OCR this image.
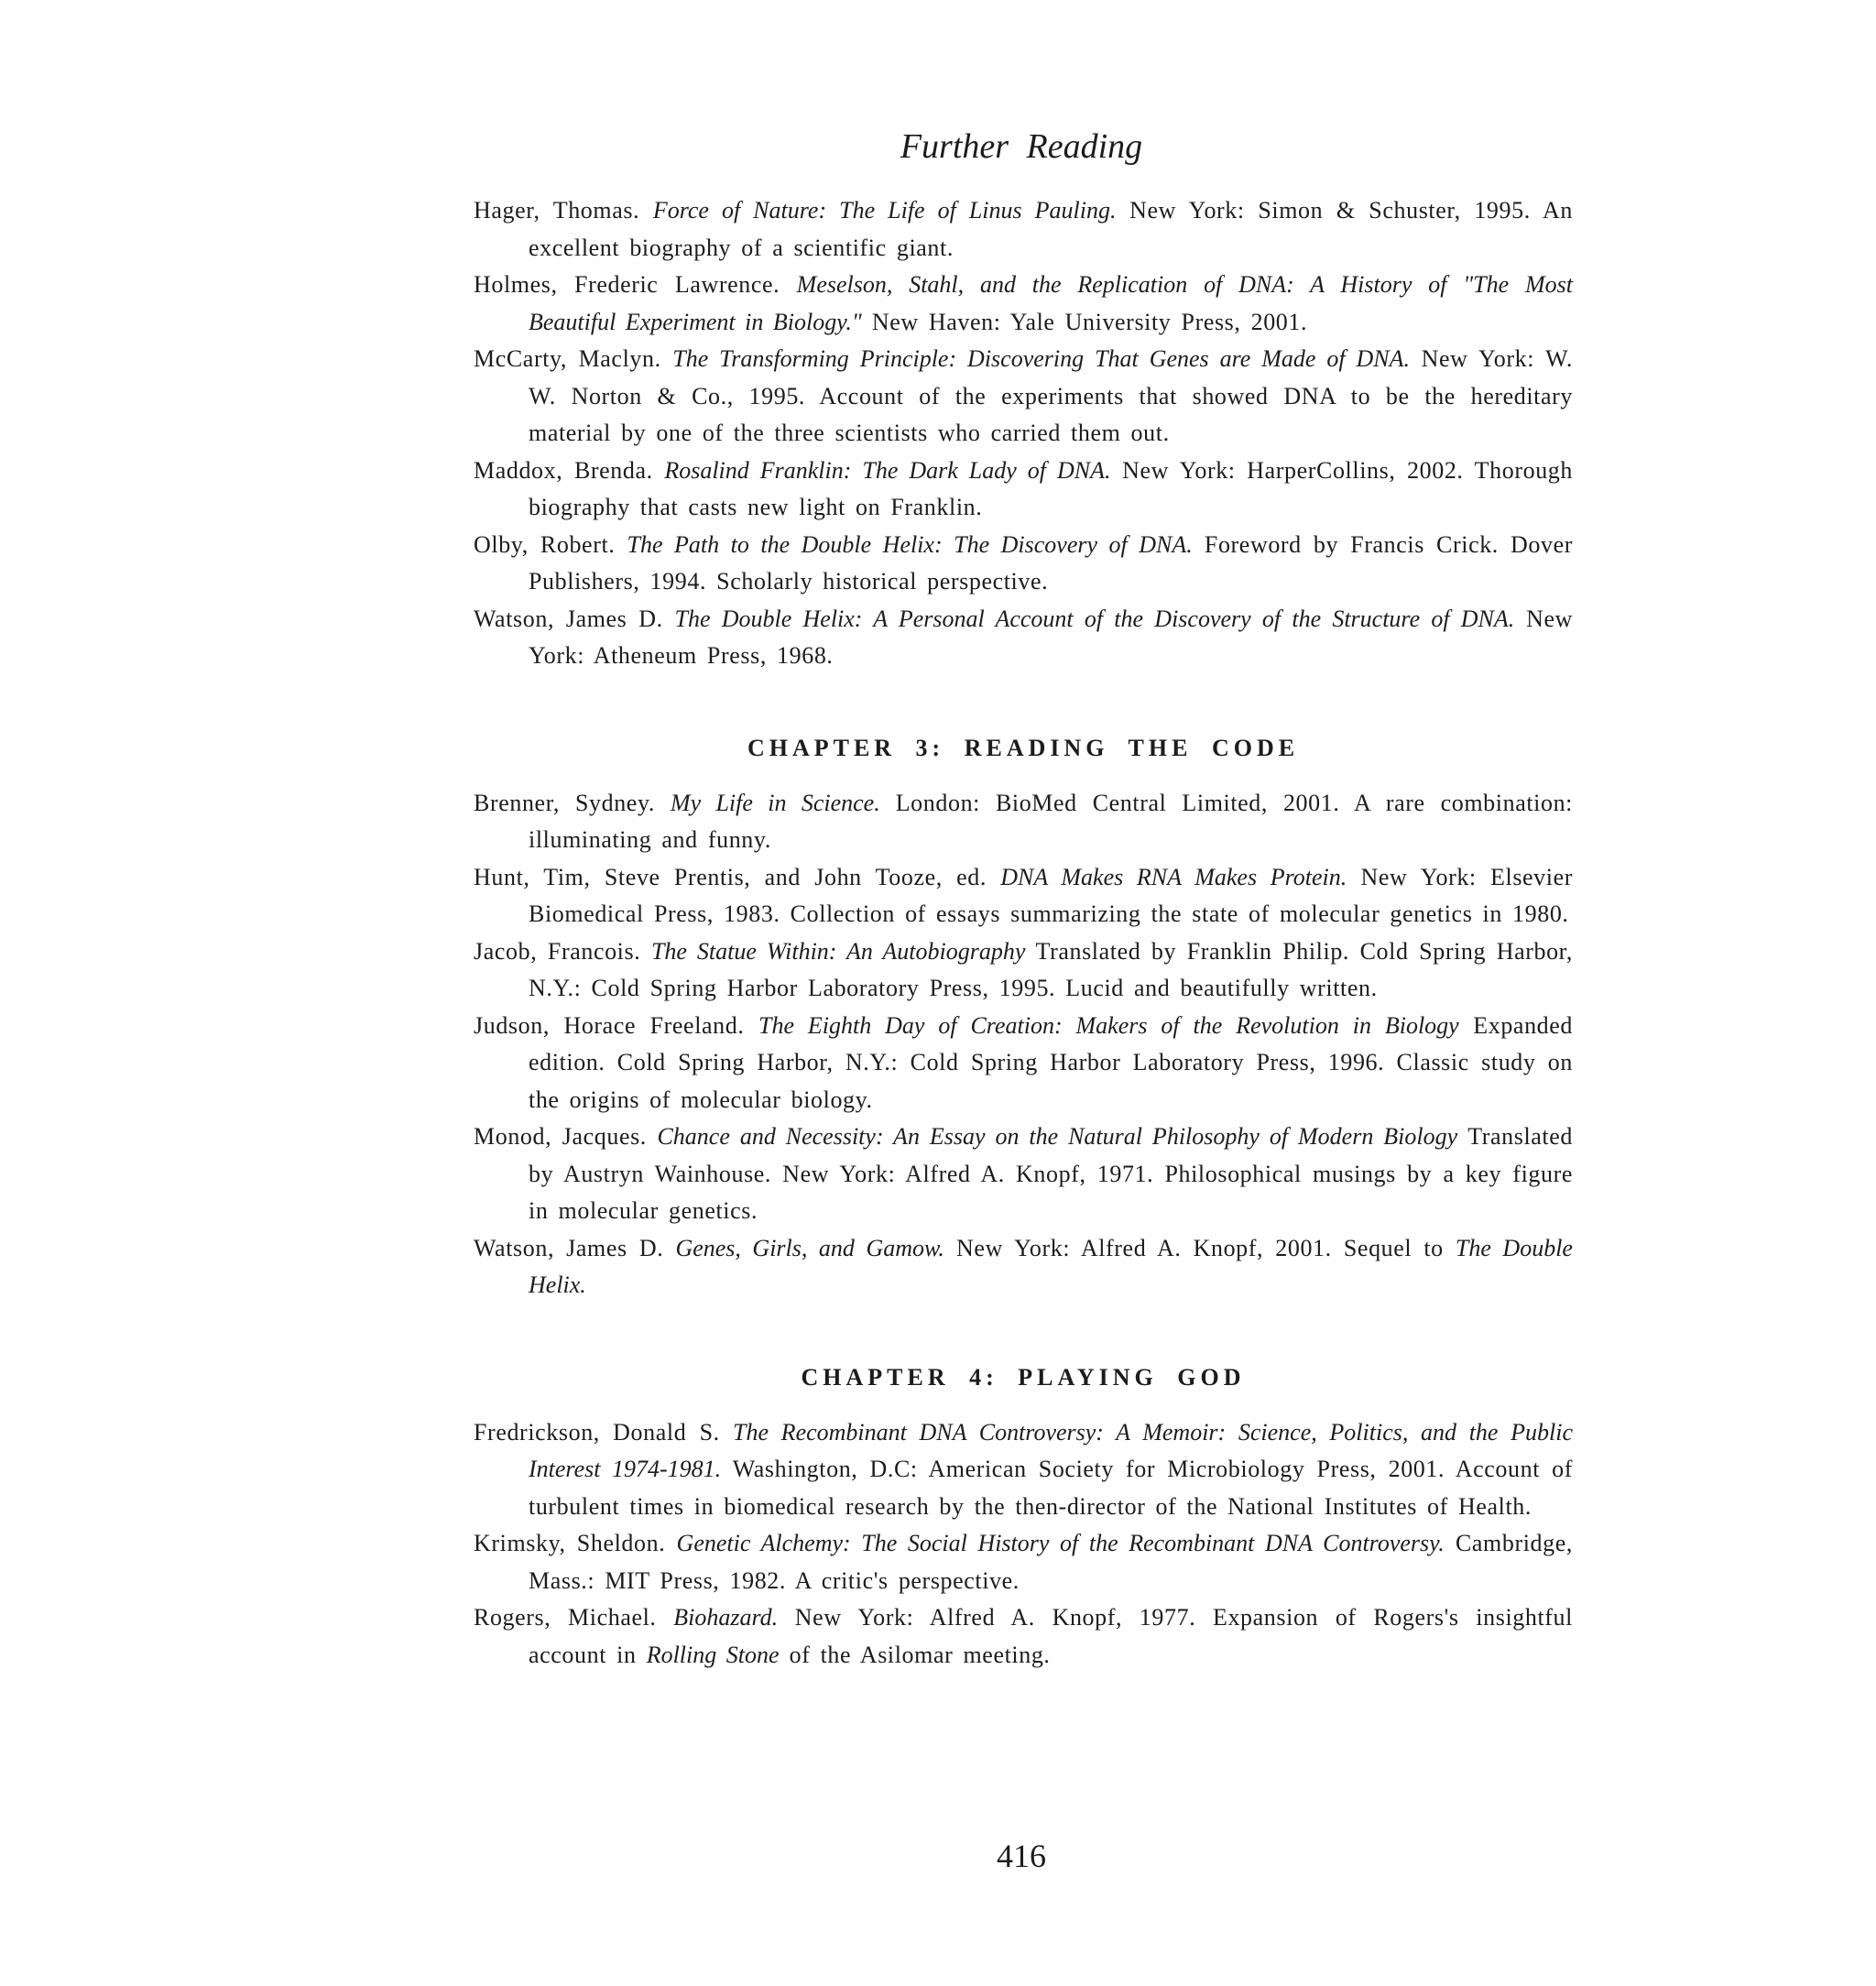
Further Reading

Hager, Thomas. Force of Nature: The Life of Linus Pauling. New York: Simon & Schuster, 1995. An excellent biography of a scientific giant.

Holmes, Frederic Lawrence. Meselson, Stahl, and the Replication of DNA: A History of "The Most Beautiful Experiment in Biology." New Haven: Yale University Press, 2001.

McCarty, Maclyn. The Transforming Principle: Discovering That Genes are Made of DNA. New York: W. W. Norton & Co., 1995. Account of the experiments that showed DNA to be the hereditary material by one of the three scientists who carried them out.

Maddox, Brenda. Rosalind Franklin: The Dark Lady of DNA. New York: HarperCollins, 2002. Thorough biography that casts new light on Franklin.

Olby, Robert. The Path to the Double Helix: The Discovery of DNA. Foreword by Francis Crick. Dover Publishers, 1994. Scholarly historical perspective.

Watson, James D. The Double Helix: A Personal Account of the Discovery of the Structure of DNA. New York: Atheneum Press, 1968.

CHAPTER 3: READING THE CODE

Brenner, Sydney. My Life in Science. London: BioMed Central Limited, 2001. A rare combination: illuminating and funny.

Hunt, Tim, Steve Prentis, and John Tooze, ed. DNA Makes RNA Makes Protein. New York: Elsevier Biomedical Press, 1983. Collection of essays summarizing the state of molecular genetics in 1980.

Jacob, Francois. The Statue Within: An Autobiography Translated by Franklin Philip. Cold Spring Harbor, N.Y.: Cold Spring Harbor Laboratory Press, 1995. Lucid and beautifully written.

Judson, Horace Freeland. The Eighth Day of Creation: Makers of the Revolution in Biology Expanded edition. Cold Spring Harbor, N.Y.: Cold Spring Harbor Laboratory Press, 1996. Classic study on the origins of molecular biology.

Monod, Jacques. Chance and Necessity: An Essay on the Natural Philosophy of Modern Biology Translated by Austryn Wainhouse. New York: Alfred A. Knopf, 1971. Philosophical musings by a key figure in molecular genetics.

Watson, James D. Genes, Girls, and Gamow. New York: Alfred A. Knopf, 2001. Sequel to The Double Helix.

CHAPTER 4: PLAYING GOD

Fredrickson, Donald S. The Recombinant DNA Controversy: A Memoir: Science, Politics, and the Public Interest 1974-1981. Washington, D.C: American Society for Microbiology Press, 2001. Account of turbulent times in biomedical research by the then-director of the National Institutes of Health.

Krimsky, Sheldon. Genetic Alchemy: The Social History of the Recombinant DNA Controversy. Cambridge, Mass.: MIT Press, 1982. A critic's perspective.

Rogers, Michael. Biohazard. New York: Alfred A. Knopf, 1977. Expansion of Rogers's insightful account in Rolling Stone of the Asilomar meeting.

416
